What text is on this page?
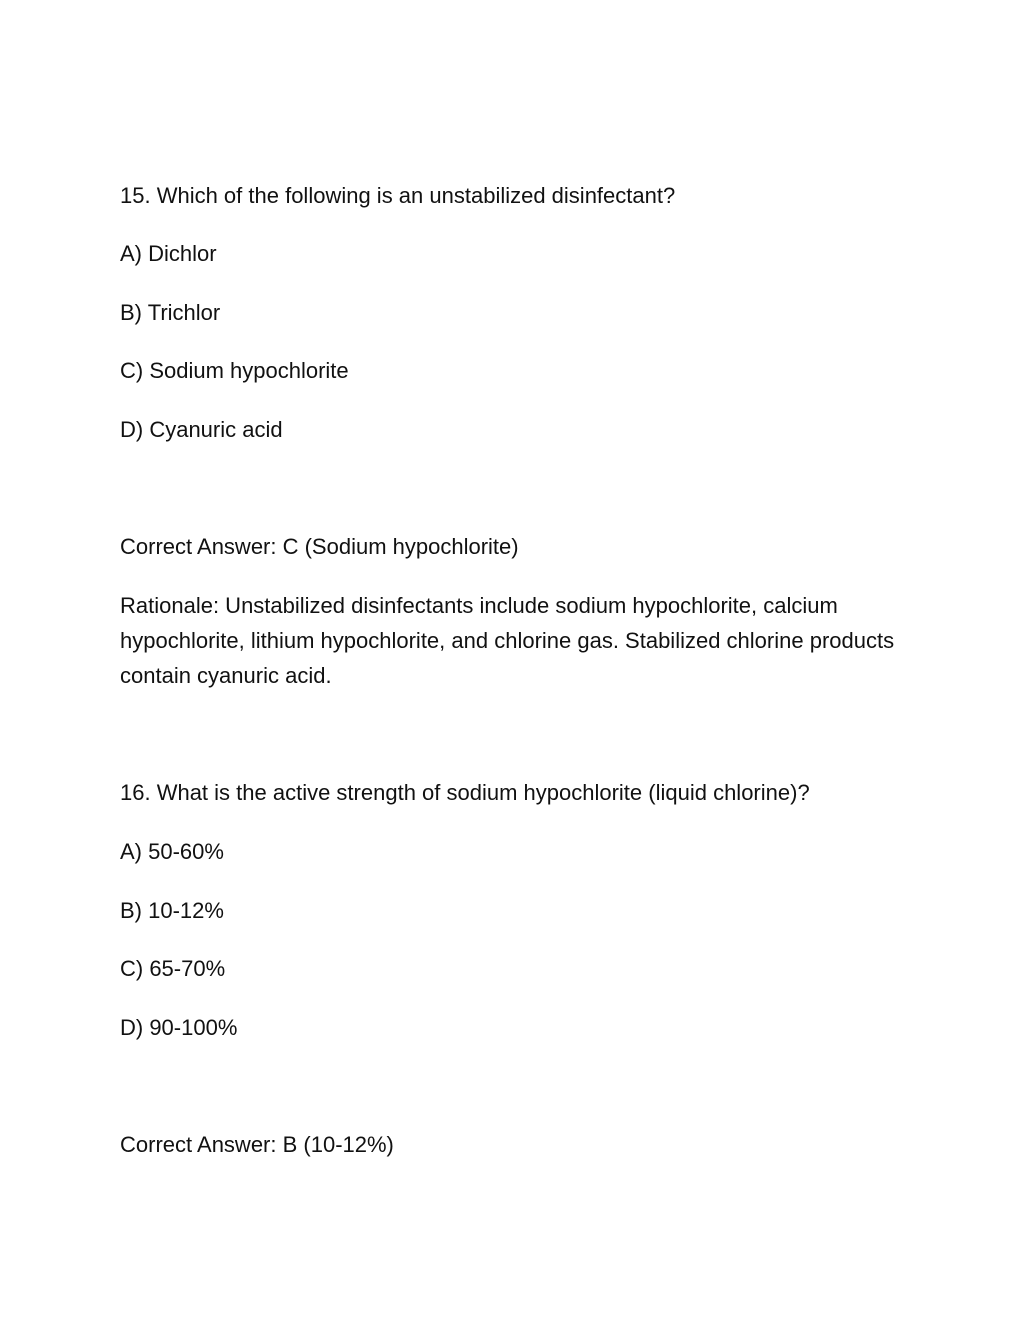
15. Which of the following is an unstabilized disinfectant?
A) Dichlor
B) Trichlor
C) Sodium hypochlorite
D) Cyanuric acid
Correct Answer: C (Sodium hypochlorite)
Rationale: Unstabilized disinfectants include sodium hypochlorite, calcium hypochlorite, lithium hypochlorite, and chlorine gas. Stabilized chlorine products contain cyanuric acid.
16. What is the active strength of sodium hypochlorite (liquid chlorine)?
A) 50-60%
B) 10-12%
C) 65-70%
D) 90-100%
Correct Answer: B (10-12%)
